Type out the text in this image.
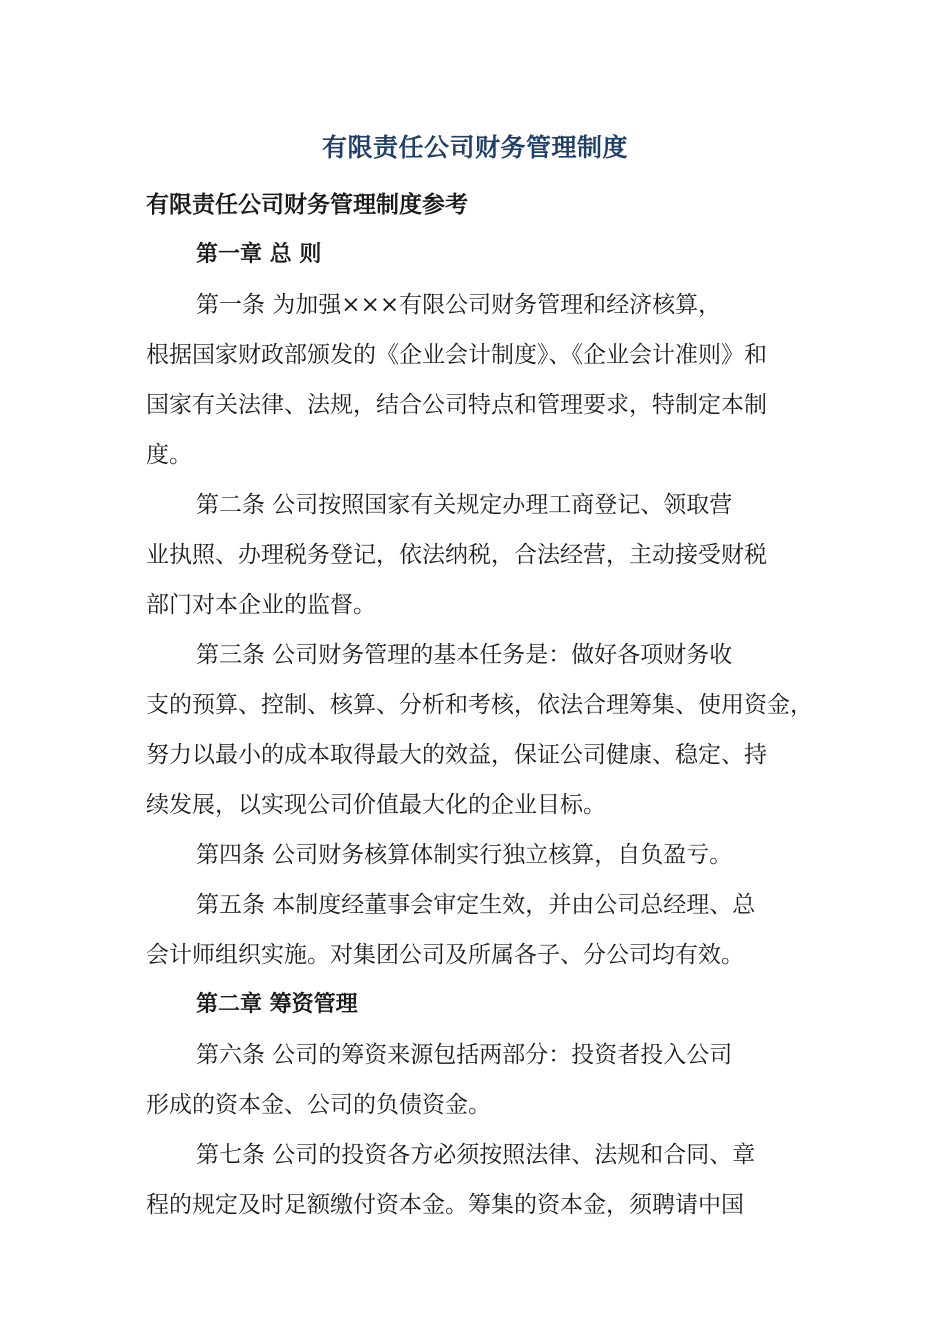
有限责任公司财务管理制度
有限责任公司财务管理制度参考
第一章 总 则
第一条 为加强×××有限公司财务管理和经济核算，
根据国家财政部颁发的《企业会计制度》、《企业会计准则》和
国家有关法律、法规，结合公司特点和管理要求，特制定本制
度。
第二条 公司按照国家有关规定办理工商登记、领取营
业执照、办理税务登记，依法纳税，合法经营，主动接受财税
部门对本企业的监督。
第三条 公司财务管理的基本任务是：做好各项财务收
支的预算、控制、核算、分析和考核，依法合理筹集、使用资金，
努力以最小的成本取得最大的效益，保证公司健康、稳定、持
续发展，以实现公司价值最大化的企业目标。
第四条 公司财务核算体制实行独立核算，自负盈亏。
第五条 本制度经董事会审定生效，并由公司总经理、总
会计师组织实施。对集团公司及所属各子、分公司均有效。
第二章 筹资管理
第六条 公司的筹资来源包括两部分：投资者投入公司
形成的资本金、公司的负债资金。
第七条 公司的投资各方必须按照法律、法规和合同、章
程的规定及时足额缴付资本金。筹集的资本金，须聘请中国
